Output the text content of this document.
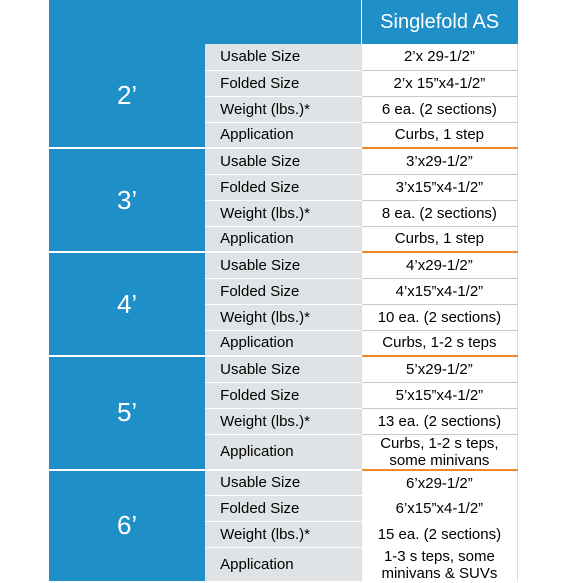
		Singlefold AS
2’	Usable Size	2’x 29-1/2”
	Folded Size	2’x 15”x4-1/2”
	Weight (lbs.)*	6 ea. (2 sections)
	Application	Curbs, 1 step
3’	Usable Size	3’x29-1/2”
	Folded Size	3’x15”x4-1/2”
	Weight (lbs.)*	8 ea. (2 sections)
	Application	Curbs, 1 step
4’	Usable Size	4’x29-1/2”
	Folded Size	4’x15”x4-1/2”
	Weight (lbs.)*	10 ea. (2 sections)
	Application	Curbs, 1-2 s teps
5’	Usable Size	5’x29-1/2”
	Folded Size	5’x15”x4-1/2”
	Weight (lbs.)*	13 ea. (2 sections)
	Application	Curbs, 1-2 s teps, some minivans
6’	Usable Size	6’x29-1/2”
	Folded Size	6’x15”x4-1/2”
	Weight (lbs.)*	15 ea. (2 sections)
	Application	1-3 s teps, some minivans & SUVs
